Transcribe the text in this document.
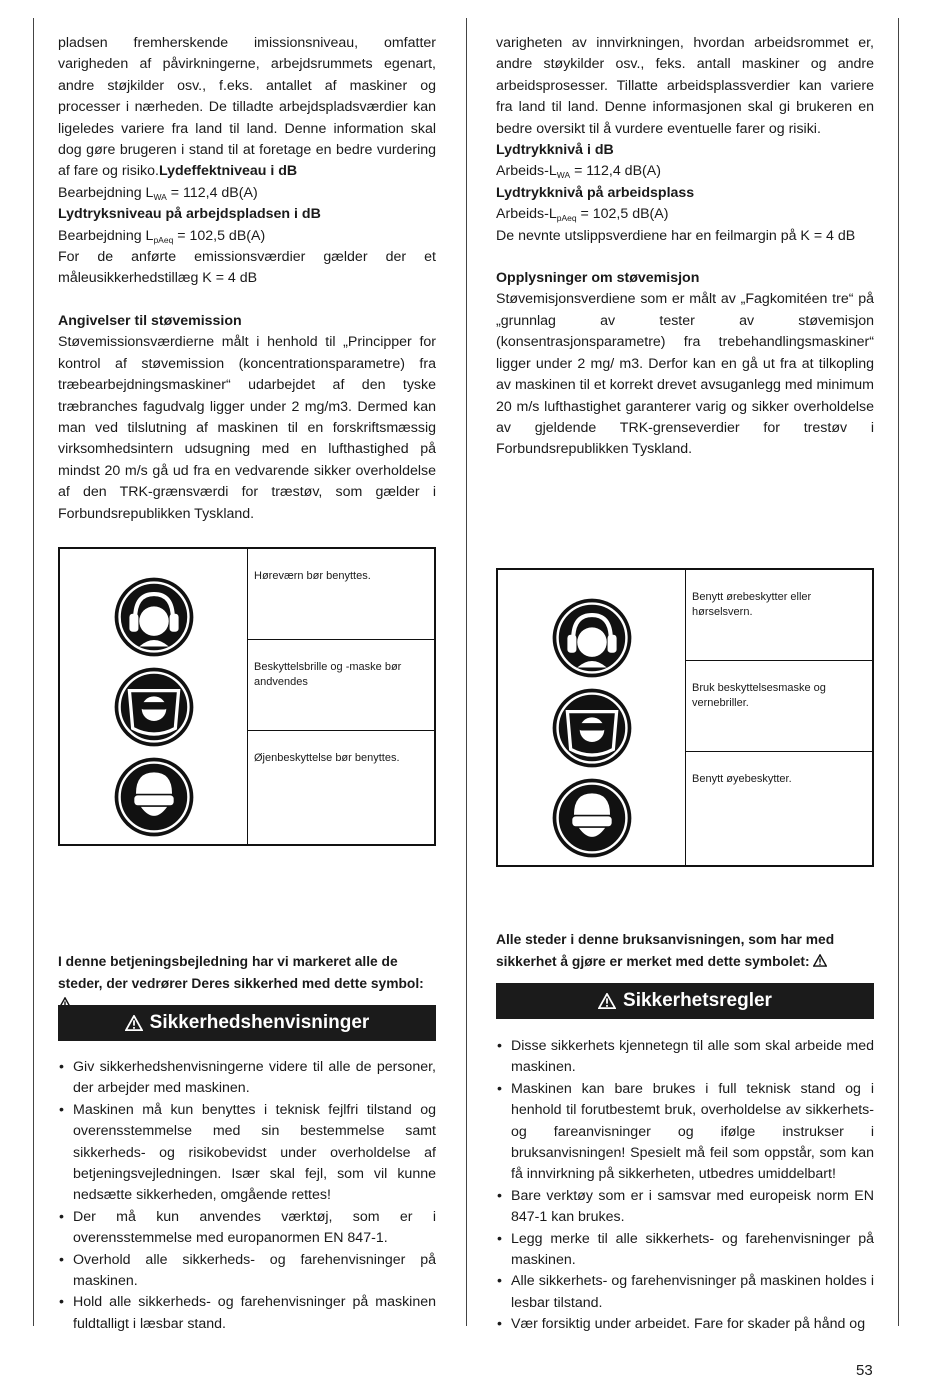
pladsen fremherskende imissionsniveau, omfatter varigheden af påvirkningerne, arbejdsrummets egenart, andre støjkilder osv., f.eks. antallet af maskiner og processer i nærheden. De tilladte arbejdspladsværdier kan ligeledes variere fra land til land. Denne information skal dog gøre brugeren i stand til at foretage en bedre vurdering af fare og risiko.Lydeffektniveau i dB

Bearbejdning $L_{WA} = 112,4$ dB(A)

Lydtryksniveau på arbejdspladsen i dB

Bearbejdning $L_{pAeq} = 102,5$ dB(A)

For de anførte emissionsværdier gælder der et måleusikkerhedstillæg K = 4 dB

Angivelser til støvemission

Støvemissionsværdierne målt i henhold til „Principper for kontrol af støvemission (koncentrationsparametre) fra træbearbejdningsmaskiner“ udarbejdet af den tyske træbranches fagudvalg ligger under 2 mg/m3. Dermed kan man ved tilslutning af maskinen til en forskriftsmæssig virksomhedsintern udsugning med en lufthastighed på mindst 20 m/s gå ud fra en vedvarende sikker overholdelse af den TRK-grænsværdi for træstøv, som gælder i Forbundsrepublikken Tyskland.

	Høreværn bør benyttes.
Beskyttelsbrille og -maske bør andvendes
Øjenbeskyttelse bør benyttes.
I denne betjeningsbejledning har vi markeret alle de steder, der vedrører Deres sikkerhed med dette symbol:
Sikkerhedshenvisninger
• Giv sikkerhedshenvisningerne videre til alle de personer, der arbejder med maskinen.
• Maskinen må kun benyttes i teknisk fejlfri tilstand og overensstemmelse med sin bestemmelse samt sikkerheds- og risikobevidst under overholdelse af betjeningsvejledningen. Især skal fejl, som vil kunne nedsætte sikkerheden, omgående rettes!
• Der må kun anvendes værktøj, som er i overensstemmelse med europanormen EN 847-1.
• Overhold alle sikkerheds- og farehenvisninger på maskinen.
• Hold alle sikkerheds- og farehenvisninger på maskinen fuldtalligt i læsbar stand.

varigheten av innvirkningen, hvordan arbeidsrommet er, andre støykilder osv., feks. antall maskiner og andre arbeidsprosesser. Tillatte arbeidsplassverdier kan variere fra land til land. Denne informasjonen skal gi brukeren en bedre oversikt til å vurdere eventuelle farer og risiki.

Lydtrykknivå i dB

Arbeids-$L_{WA} = 112,4$ dB(A)

Lydtrykknivå på arbeidsplass

Arbeids-$L_{pAeq} = 102,5$ dB(A)

De nevnte utslippsverdiene har en feilmargin på K = 4 dB

Opplysninger om støvemisjon

Støvemisjonsverdiene som er målt av „Fagkomitéen tre“ på „grunnlag av tester av støvemisjon (konsentrasjonsparametre) fra trebehandlingsmaskiner“ ligger under 2 mg/ m3. Derfor kan en gå ut fra at tilkopling av maskinen til et korrekt drevet avsuganlegg med minimum 20 m/s lufthastighet garanterer varig og sikker overholdelse av gjeldende TRK-grenseverdier for trestøv i Forbundsrepublikken Tyskland.

	Benytt ørebeskytter eller hørselsvern.
Bruk beskyttelsesmaske og vernebriller.
Benytt øyebeskytter.
Alle steder i denne bruksanvisningen, som har med sikkerhet å gjøre er merket med dette symbolet:
Sikkerhetsregler
• Disse sikkerhets kjennetegn til alle som skal arbeide med maskinen.
• Maskinen kan bare brukes i full teknisk stand og i henhold til forutbestemt bruk, overholdelse av sikkerhets- og fareanvisninger og ifølge instrukser i bruksanvisningen! Spesielt må feil som oppstår, som kan få innvirkning på sikkerheten, utbedres umiddelbart!
• Bare verktøy som er i samsvar med europeisk norm EN 847-1 kan brukes.
• Legg merke til alle sikkerhets- og farehenvisninger på maskinen.
• Alle sikkerhets- og farehenvisninger på maskinen holdes i lesbar tilstand.
• Vær forsiktig under arbeidet. Fare for skader på hånd og
53
